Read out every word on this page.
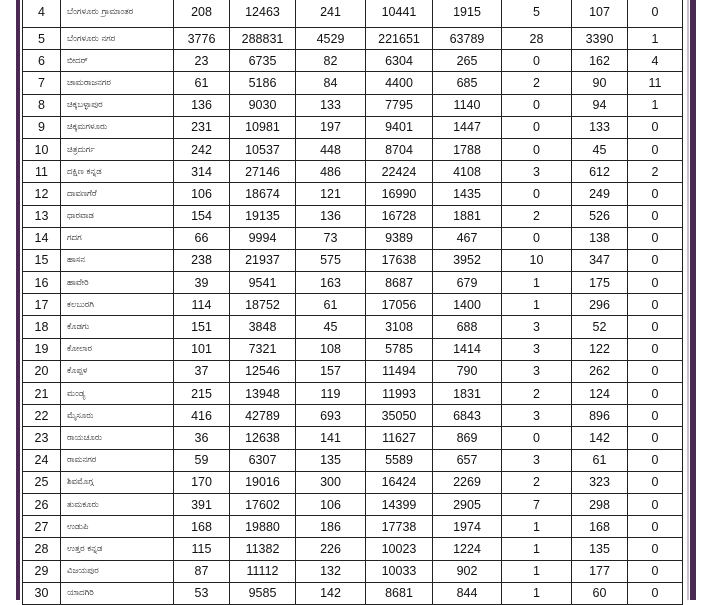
4	ಬೆಂಗಳೂರು ಗ್ರಾಮಾಂತರ	208	12463	241	10441	1915	5	107	0
5	ಬೆಂಗಳೂರು ನಗರ	3776	288831	4529	221651	63789	28	3390	1
6	ಬೀದರ್	23	6735	82	6304	265	0	162	4
7	ಚಾಮರಾಜನಗರ	61	5186	84	4400	685	2	90	11
8	ಚಿಕ್ಕಬಳ್ಳಾಪುರ	136	9030	133	7795	1140	0	94	1
9	ಚಿಕ್ಕಮಗಳೂರು	231	10981	197	9401	1447	0	133	0
10	ಚಿತ್ರದುರ್ಗ	242	10537	448	8704	1788	0	45	0
11	ದಕ್ಷಿಣ ಕನ್ನಡ	314	27146	486	22424	4108	3	612	2
12	ದಾವಣಗೆರೆ	106	18674	121	16990	1435	0	249	0
13	ಧಾರವಾಡ	154	19135	136	16728	1881	2	526	0
14	ಗದಗ	66	9994	73	9389	467	0	138	0
15	ಹಾಸನ	238	21937	575	17638	3952	10	347	0
16	ಹಾವೇರಿ	39	9541	163	8687	679	1	175	0
17	ಕಲಬುರಗಿ	114	18752	61	17056	1400	1	296	0
18	ಕೊಡಗು	151	3848	45	3108	688	3	52	0
19	ಕೋಲಾರ	101	7321	108	5785	1414	3	122	0
20	ಕೊಪ್ಪಳ	37	12546	157	11494	790	3	262	0
21	ಮಂಡ್ಯ	215	13948	119	11993	1831	2	124	0
22	ಮೈಸೂರು	416	42789	693	35050	6843	3	896	0
23	ರಾಯಚೂರು	36	12638	141	11627	869	0	142	0
24	ರಾಮನಗರ	59	6307	135	5589	657	3	61	0
25	ಶಿವಮೊಗ್ಗ	170	19016	300	16424	2269	2	323	0
26	ತುಮಕೂರು	391	17602	106	14399	2905	7	298	0
27	ಉಡುಪಿ	168	19880	186	17738	1974	1	168	0
28	ಉತ್ತರ ಕನ್ನಡ	115	11382	226	10023	1224	1	135	0
29	ವಿಜಯಪುರ	87	11112	132	10033	902	1	177	0
30	ಯಾದಗಿರಿ	53	9585	142	8681	844	1	60	0
